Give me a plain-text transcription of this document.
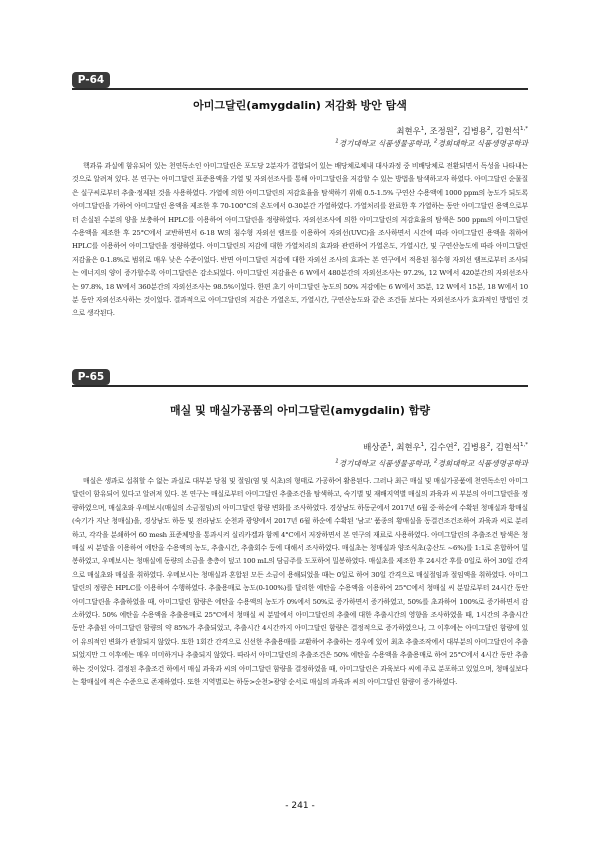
P-64
아미그달린(amygdalin) 저감화 방안 탐색
최현우$^1$, 조정원$^2$, 김병용$^2$, 김현석$^{1,*}$
$^1$경기대학교 식품생물공학과, $^2$경희대학교 식품생명공학과

핵과류 과실에 함유되어 있는 천연독소인 아미그달린은 포도당 2분자가 결합되어 있는 배당체로체내 대사과정 중 비배당체로 전환되면서 독성을 나타내는 것으로 알려져 있다. 본 연구는 아미그달린 표준용액을 가열 및 자외선조사를 통해 아미그달린을 저감할 수 있는 방법을 탐색하고자 하였다. 아미그달린 순물질은 실구씨로부터 추출·정제된 것을 사용하였다. 가열에 의한 아미그달린의 저감효율을 탐색하기 위해 0.5-1.5% 구연산 수용액에 1000 ppm의 농도가 되도록 아미그달린을 가하여 아미그달린 용액을 제조한 후 70-100°C의 온도에서 0-30분간 가열하였다. 가열처리를 완료한 후 가열하는 동안 아미그달린 용액으로부터 손실된 수분의 양을 보충하여 HPLC를 이용하여 아미그달린을 정량하였다. 자외선조사에 의한 아미그달린의 저감효율의 탐색은 500 ppm의 아미그달린 수용액을 제조한 후 25°C에서 교반하면서 6-18 W의 침수형 자외선 램프를 이용하여 자외선(UVC)을 조사하면서 시간에 따라 아미그달린 용액을 취하여 HPLC를 이용하여 아미그달린을 정량하였다. 아미그달린의 저감에 대한 가열처리의 효과와 관련하여 가열온도, 가열시간, 및 구연산농도에 따라 아미그달린 저감율은 0-1.8%로 범위로 매우 낮은 수준이었다. 반면 아미그달린 저감에 대한 자외선 조사의 효과는 본 연구에서 적용된 침수형 자외선 램프로부터 조사되는 에너지의 양이 증가할수록 아미그달린은 감소되었다. 아미그달린 저감율은 6 W에서 480분간의 자외선조사는 97.2%, 12 W에서 420분간의 자외선조사는 97.8%, 18 W에서 360분간의 자외선조사는 98.5%이었다. 한편 초기 아미그달린 농도의 50% 저감에는 6 W에서 35분, 12 W에서 15분, 18 W에서 10분 동안 자외선조사하는 것이었다. 결과적으로 아미그달린의 저감은 가열온도, 가열시간, 구연산농도와 같은 조건들 보다는 자외선조사가 효과적인 방법인 것으로 생각된다.

P-65
매실 및 매실가공품의 아미그달린(amygdalin) 함량
배상준$^1$, 최현우$^1$, 김수연$^2$, 김병용$^2$, 김현석$^{1,*}$
$^1$경기대학교 식품생물공학과, $^2$경희대학교 식품생명공학과

매실은 생과로 섭취할 수 없는 과실로 대부분 당침 및 절임(염 및 식초)의 형태로 가공하여 활용된다. 그러나 최근 매실 및 매실가공품에 천연독소인 아미그달린이 함유되어 있다고 알려져 있다. 본 연구는 매실로부터 아미그달린 추출조건을 탐색하고, 숙기별 및 재배지역별 매실의 과육과 씨 부분의 아미그달린을 정량하였으며, 매실초와 우메보시(매실의 소금절임)의 아미그달린 함량 변화를 조사하였다. 경상남도 하동군에서 2017년 6월 중·하순에 수확된 청매실과 황매실(숙기가 지난 청매실)을, 경상남도 하동 및 전라남도 순천과 광양에서 2017년 6월 하순에 수확된 '남고' 품종의 황매실을 동결건조건조하여 과육과 씨로 분리하고, 각각을 분쇄하여 60 mesh 표준체망을 통과시켜 실리카겔과 함께 4°C에서 저장하면서 본 연구의 재료로 사용하였다. 아미그달린의 추출조건 탐색은 청매실 씨 분말을 이용하여 에탄올 수용액의 농도, 추출시간, 추출회수 등에 대해서 조사하였다. 매실초는 청매실과 양조식초(총산도 ~6%)를 1:1로 혼합하여 밀봉하였고, 우메보시는 청매실에 동량의 소금을 충층이 덮고 100 mL의 담금주를 도포하여 밀봉하였다. 매실초를 제조한 후 24시간 후를 0일로 하여 30일 간격으로 매실초와 매실을 취하였다. 우메보시는 청매실과 혼합된 모든 소금이 용해되었을 때는 0일로 하여 30일 간격으로 매실절임과 절임액을 취하였다. 아미그달린의 정량은 HPLC를 이용하여 수행하였다. 추출용매로 농도(0-100%)를 달리한 에탄올 수용액을 이용하여 25°C에서 청매실 씨 분말로부터 24시간 동안 아미그달린을 추출하였을 때, 아미그달린 함량은 에탄올 수용액의 농도가 0%에서 50%로 증가하면서 증가하였고, 50%를 초과하여 100%로 증가하면서 감소하였다. 50% 에탄올 수용액을 추출용매로 25°C에서 청매실 씨 분말에서 아미그달린의 추출에 대한 추출시간의 영향을 조사하였을 때, 1시간의 추출시간 동안 추출된 아미그달린 함량의 약 85%가 추출되었고, 추출시간 4시간까지 아미그달린 함량은 결정적으로 증가하였으나, 그 이후에는 아미그달린 함량에 있어 유의적인 변화가 관찰되지 않았다. 또한 1회간 간격으로 신선한 추출용매를 교환하여 추출하는 경우에 있어 최초 추출조작에서 대부분의 아미그달린이 추출되었지만 그 이후에는 매우 미미하거나 추출되지 않았다. 따라서 아미그달린의 추출조건은 50% 에탄올 수용액을 추출용매로 하여 25°C에서 4시간 동안 추출하는 것이었다. 결정된 추출조건 하에서 매실 과육과 씨의 아미그달린 함량을 결정하였을 때, 아미그달린은 과육보다 씨에 주로 분포하고 있었으며, 청매실보다는 황매실에 적은 수준으로 존재하였다. 또한 지역별로는 하동>순천>광양 순서로 매실의 과육과 씨의 아미그달린 함량이 증가하였다.

- 241 -
